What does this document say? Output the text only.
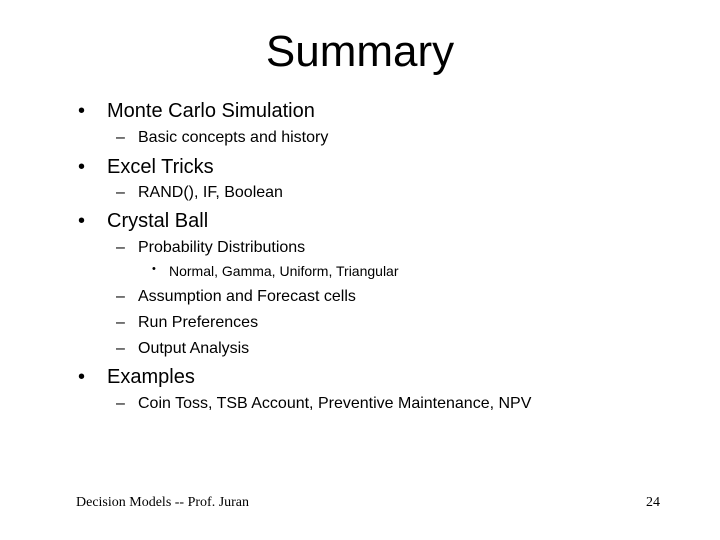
Summary
• Monte Carlo Simulation
– Basic concepts and history
• Excel Tricks
– RAND(), IF, Boolean
• Crystal Ball
– Probability Distributions
• Normal, Gamma, Uniform, Triangular
– Assumption and Forecast cells
– Run Preferences
– Output Analysis
• Examples
– Coin Toss, TSB Account, Preventive Maintenance, NPV
Decision Models -- Prof. Juran	24
